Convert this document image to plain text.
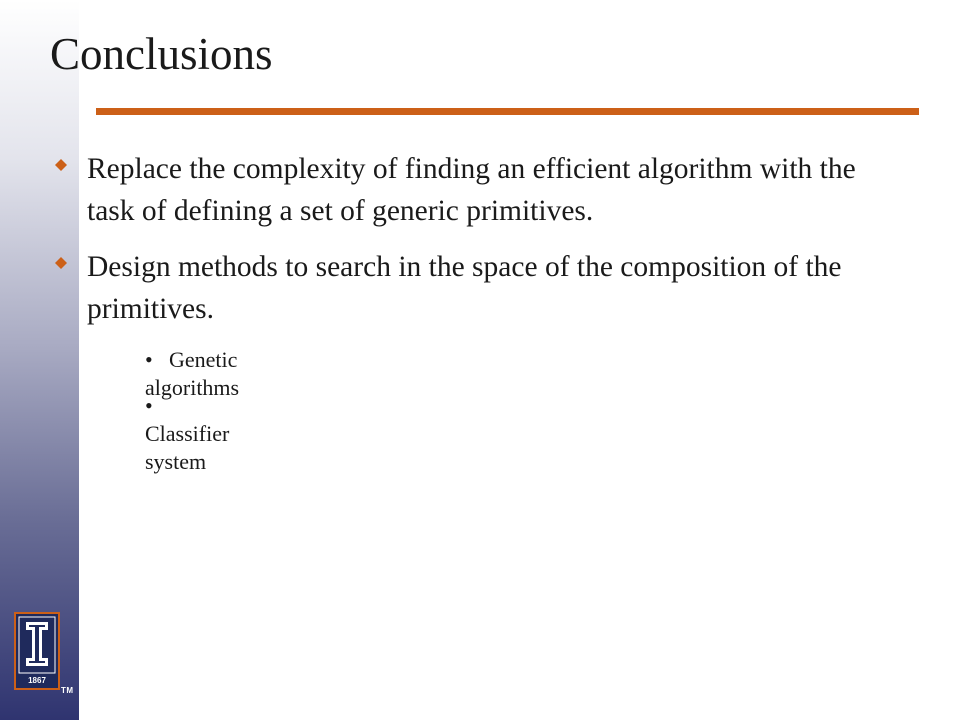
Conclusions
Replace the complexity of finding an efficient algorithm with the task of defining a set of generic primitives.
Design methods to search in the space of the composition of the primitives.
• Genetic algorithms
•Classifier system
1867
TM
